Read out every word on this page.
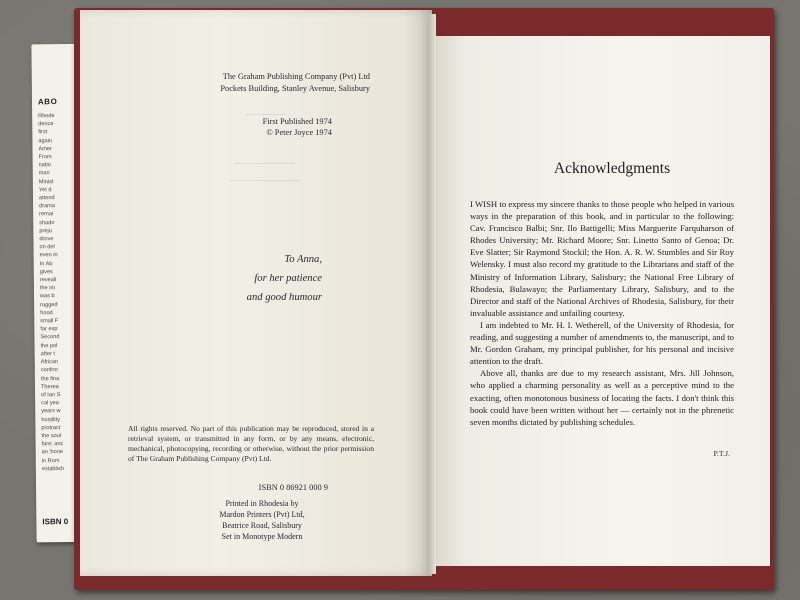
ABO
Rhode
dence
first
again
Amer
From
natio
man
Minist
Yet d
attend
drama
remai
shado
preju
drove
on del
even in
In Ab
gives
reveali
the im
was b
rugged
hood
small F
far exp
Second
the pol
after t
African
confror
the fina
Therea
of Ian S
cal yea
years w
hostility
protract
the soul
fare; anc
an 'hone
in Rom
establish
ISBN 0
The Graham Publishing Company (Pvt) Ltd
Pockets Building, Stanley Avenue, Salisbury
First Published 1974
© Peter Joyce 1974
To Anna,
for her patience
and good humour
All rights reserved. No part of this publication may be reproduced, stored in a retrieval system, or transmitted in any form, or by any means, electronic, mechanical, photocopying, recording or otherwise, without the prior permission of The Graham Publishing Company (Pvt) Ltd.
ISBN 0 86921 000 9
Printed in Rhodesia by
Mardon Printers (Pvt) Ltd,
Beatrice Road, Salisbury
Set in Monotype Modern
Acknowledgments

I WISH to express my sincere thanks to those people who helped in various ways in the preparation of this book, and in particular to the following: Cav. Francisco Balbi; Snr. Ilo Battigelli; Miss Marguerite Farquharson of Rhodes University; Mr. Richard Moore; Snr. Linetto Santo of Genoa; Dr. Eve Slatter; Sir Raymond Stockil; the Hon. A. R. W. Stumbles and Sir Roy Welensky. I must also record my gratitude to the Librarians and staff of the Ministry of Information Library, Salisbury; the National Free Library of Rhodesia, Bulawayo; the Parliamentary Library, Salisbury, and to the Director and staff of the National Archives of Rhodesia, Salisbury, for their invaluable assistance and unfailing courtesy.

I am indebted to Mr. H. I. Wetherell, of the University of Rhodesia, for reading, and suggesting a number of amendments to, the manuscript, and to Mr. Gordon Graham, my principal publisher, for his personal and incisive attention to the draft.

Above all, thanks are due to my research assistant, Mrs. Jill Johnson, who applied a charming personality as well as a perceptive mind to the exacting, often monotonous business of locating the facts. I don't think this book could have been written without her — certainly not in the phrenetic seven months dictated by publishing schedules.

P.T.J.
